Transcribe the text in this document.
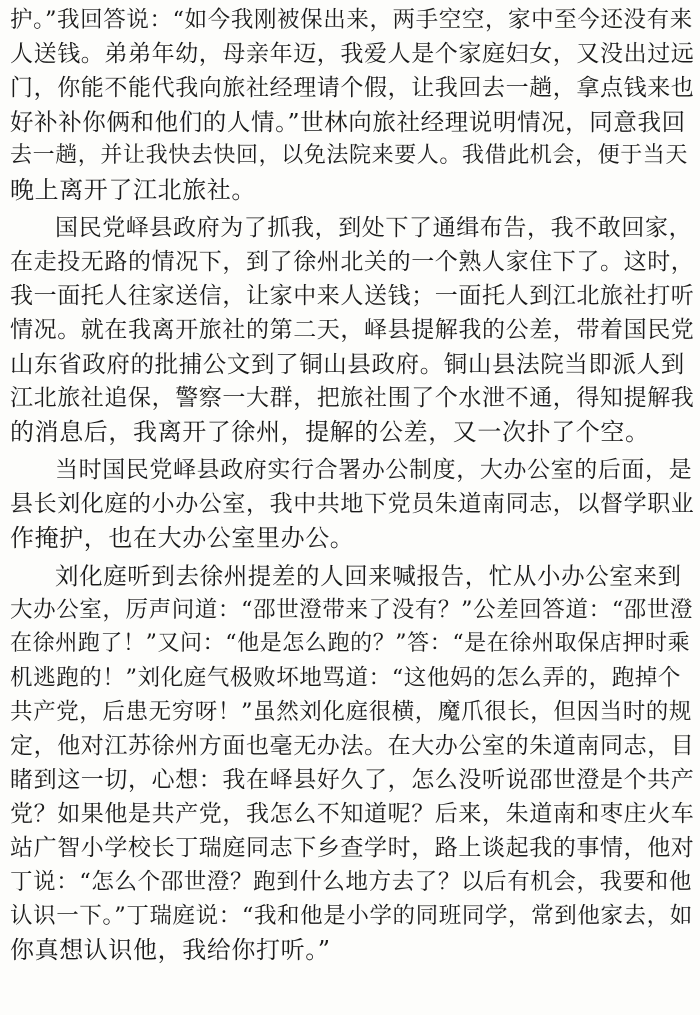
护。”我回答说：“如今我刚被保出来，两手空空，家中至今还没有来
人送钱。弟弟年幼，母亲年迈，我爱人是个家庭妇女，又没出过远
门，你能不能代我向旅社经理请个假，让我回去一趟，拿点钱来也
好补补你俩和他们的人情。”世林向旅社经理说明情况，同意我回
去一趟，并让我快去快回，以免法院来要人。我借此机会，便于当天
晚上离开了江北旅社。
国民党峄县政府为了抓我，到处下了通缉布告，我不敢回家，
在走投无路的情况下，到了徐州北关的一个熟人家住下了。这时，
我一面托人往家送信，让家中来人送钱；一面托人到江北旅社打听
情况。就在我离开旅社的第二天，峄县提解我的公差，带着国民党
山东省政府的批捕公文到了铜山县政府。铜山县法院当即派人到
江北旅社追保，警察一大群，把旅社围了个水泄不通，得知提解我
的消息后，我离开了徐州，提解的公差，又一次扑了个空。
当时国民党峄县政府实行合署办公制度，大办公室的后面，是
县长刘化庭的小办公室，我中共地下党员朱道南同志，以督学职业
作掩护，也在大办公室里办公。
刘化庭听到去徐州提差的人回来喊报告，忙从小办公室来到
大办公室，厉声问道：“邵世澄带来了没有？”公差回答道：“邵世澄
在徐州跑了！”又问：“他是怎么跑的？”答：“是在徐州取保店押时乘
机逃跑的！”刘化庭气极败坏地骂道：“这他妈的怎么弄的，跑掉个
共产党，后患无穷呀！”虽然刘化庭很横，魔爪很长，但因当时的规
定，他对江苏徐州方面也毫无办法。在大办公室的朱道南同志，目
睹到这一切，心想：我在峄县好久了，怎么没听说邵世澄是个共产
党？如果他是共产党，我怎么不知道呢？后来，朱道南和枣庄火车
站广智小学校长丁瑞庭同志下乡查学时，路上谈起我的事情，他对
丁说：“怎么个邵世澄？跑到什么地方去了？以后有机会，我要和他
认识一下。”丁瑞庭说：“我和他是小学的同班同学，常到他家去，如
你真想认识他，我给你打听。”
